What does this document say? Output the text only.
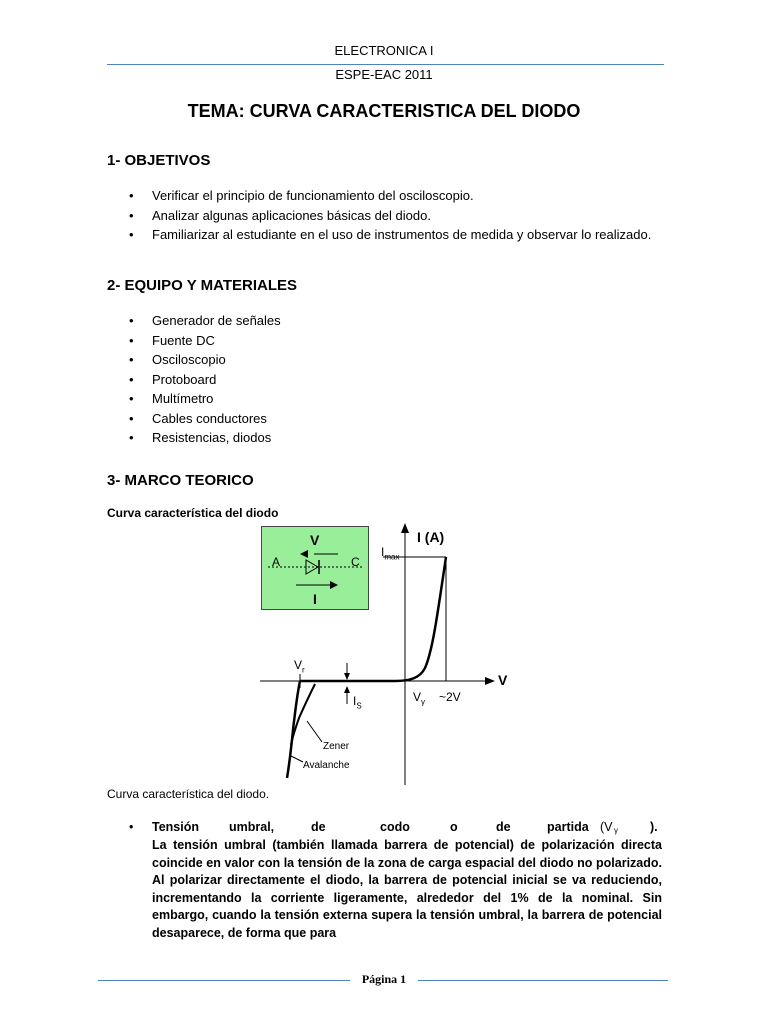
ELECTRONICA I
ESPE-EAC 2011
TEMA: CURVA CARACTERISTICA DEL DIODO
1- OBJETIVOS
• Verificar el principio de funcionamiento del osciloscopio.
• Analizar algunas aplicaciones básicas del diodo.
• Familiarizar al estudiante en el uso de instrumentos de medida y observar lo realizado.
2- EQUIPO Y MATERIALES
• Generador de señales
• Fuente DC
• Osciloscopio
• Protoboard
• Multímetro
• Cables conductores
• Resistencias, diodos
3- MARCO TEORICO
Curva característica del diodo
V
A	C
I
I (A)
V
$I_{max}$
$V_r$
$I_S$
$V_\gamma$ ~2V
Zener
Avalanche
Curva característica del diodo.
• Tensión umbral,	de	codo	o	de	partida (V γ	).
La tensión umbral (también llamada barrera de potencial) de polarización directa coincide en valor con la tensión de la zona de carga espacial del diodo no polarizado. Al polarizar directamente el diodo, la barrera de potencial inicial se va reduciendo, incrementando la corriente ligeramente, alrededor del 1% de la nominal. Sin embargo, cuando la tensión externa supera la tensión umbral, la barrera de potencial desaparece, de forma que para
Página 1
